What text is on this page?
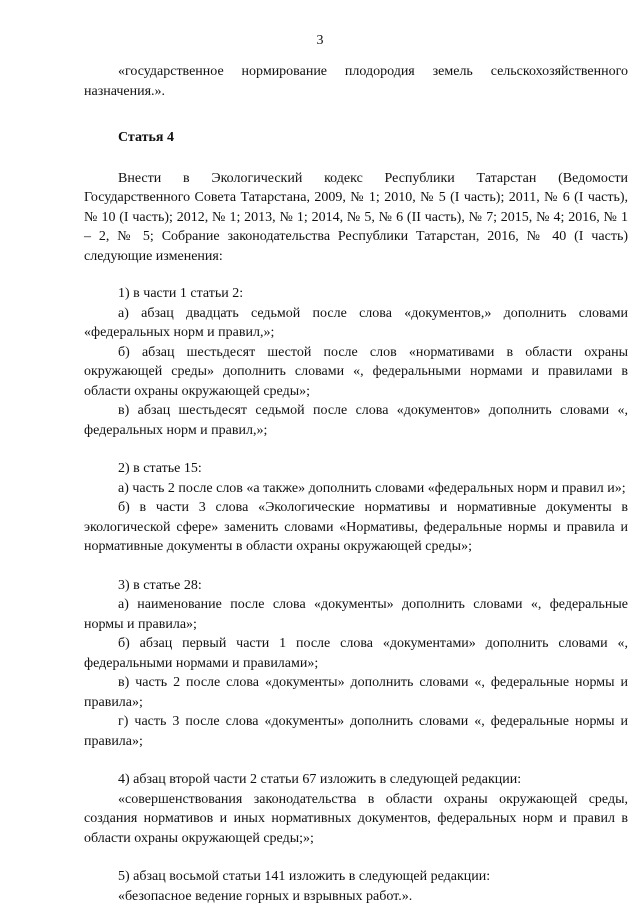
3

«государственное нормирование плодородия земель сельскохозяйственного назначения.».

Статья 4

Внести в Экологический кодекс Республики Татарстан (Ведомости Государственного Совета Татарстана, 2009, № 1; 2010, № 5 (I часть); 2011, № 6 (I часть), № 10 (I часть); 2012, № 1; 2013, № 1; 2014, № 5, № 6 (II часть), № 7; 2015, № 4; 2016, № 1 – 2, № 5; Собрание законодательства Республики Татарстан, 2016, № 40 (I часть) следующие изменения:

1) в части 1 статьи 2:

а) абзац двадцать седьмой после слова «документов,» дополнить словами «федеральных норм и правил,»;

б) абзац шестьдесят шестой после слов «нормативами в области охраны окружающей среды» дополнить словами «, федеральными нормами и правилами в области охраны окружающей среды»;

в) абзац шестьдесят седьмой после слова «документов» дополнить словами «, федеральных норм и правил,»;

2) в статье 15:

а) часть 2 после слов «а также» дополнить словами «федеральных норм и правил и»;

б) в части 3 слова «Экологические нормативы и нормативные документы в экологической сфере» заменить словами «Нормативы, федеральные нормы и правила и нормативные документы в области охраны окружающей среды»;

3) в статье 28:

а) наименование после слова «документы» дополнить словами «, федеральные нормы и правила»;

б) абзац первый части 1 после слова «документами» дополнить словами «, федеральными нормами и правилами»;

в) часть 2 после слова «документы» дополнить словами «, федеральные нормы и правила»;

г) часть 3 после слова «документы» дополнить словами «, федеральные нормы и правила»;

4) абзац второй части 2 статьи 67 изложить в следующей редакции:

«совершенствования законодательства в области охраны окружающей среды, создания нормативов и иных нормативных документов, федеральных норм и правил в области охраны окружающей среды;»;

5) абзац восьмой статьи 141 изложить в следующей редакции:

«безопасное ведение горных и взрывных работ.».
